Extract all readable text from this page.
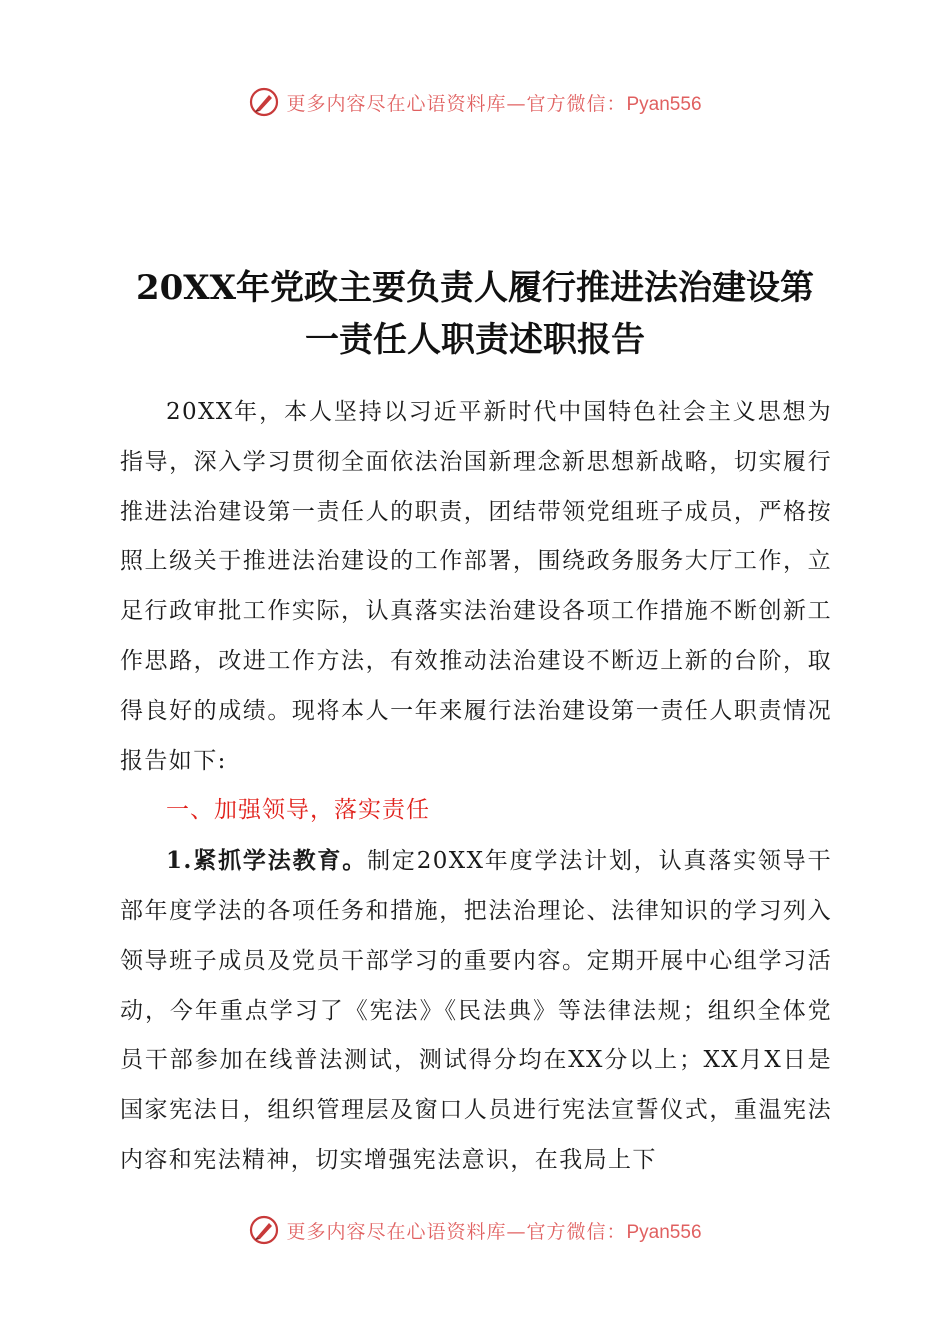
更多内容尽在心语资料库—官方微信：Pyan556
20XX年党政主要负责人履行推进法治建设第
一责任人职责述职报告

20XX年，本人坚持以习近平新时代中国特色社会主义思想为指导，深入学习贯彻全面依法治国新理念新思想新战略，切实履行推进法治建设第一责任人的职责，团结带领党组班子成员，严格按照上级关于推进法治建设的工作部署，围绕政务服务大厅工作，立足行政审批工作实际，认真落实法治建设各项工作措施不断创新工作思路，改进工作方法，有效推动法治建设不断迈上新的台阶，取得良好的成绩。现将本人一年来履行法治建设第一责任人职责情况报告如下:

一、加强领导，落实责任

1.紧抓学法教育。制定20XX年度学法计划，认真落实领导干部年度学法的各项任务和措施，把法治理论、法律知识的学习列入领导班子成员及党员干部学习的重要内容。定期开展中心组学习活动，今年重点学习了《宪法》《民法典》等法律法规；组织全体党员干部参加在线普法测试，测试得分均在XX分以上；XX月X日是国家宪法日，组织管理层及窗口人员进行宪法宣誓仪式，重温宪法内容和宪法精神，切实增强宪法意识，在我局上下

更多内容尽在心语资料库—官方微信：Pyan556
